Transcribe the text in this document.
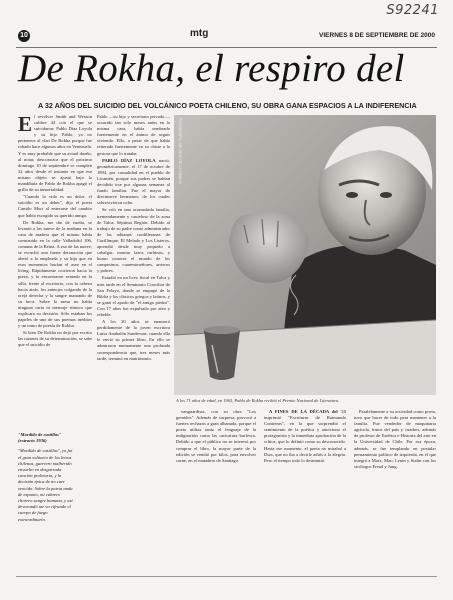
S92241
10	mtg	VIERNES 8 DE SEPTIEMBRE DE 2000
De Rokha, el respiro del
A 32 AÑOS DEL SUICIDIO DEL VOLCÁNICO POETA CHILENO, SU OBRA GANA ESPACIOS A LA INDIFERENCIA

El revólver Smith and Wesson calibre 44 con el que se suicidaron: Pablo Díaz Loyola y su hijo Pablo, ya no pertenece al clan De Rokha porque fue robado hace algunos años en Venezuela. Y es muy probable que su actual dueño, al notar, desconozca que el próximo domingo 10 de septiembre se cumplen 32 años desde el instante en que ese mismo objeto se ajustó bajo la mandíbula de Pablo de Rokha apagó el grillo de su inmortalidad.

"Cuando la vida es un dolor, el suicidio es un deber", dijo el poeta Camilo Mori al enterarse del cambio que había escogido su querido amigo.

De Rokha, me dio de vuelta, se levantó a las nueve de la mañana en la casa de madera que el mismo había construido en la calle Valladolid 106, comuna de la Reina. A eso de las nueve, se escuchó una fuerte detonación que alertó a la empleada y su hija que en esos momentos hacían el aseo en el living. Rápidamente corrieron hacia la pieza, y lo encontraron sentado en la silla, frente al escritorio, con la cabeza hacia atrás, los anteojos colgando de la oreja derecha y la sangre manando de su boca. Sobre la mesa no había ninguna carta ni mensaje rítmico que explicara su decisión. Sólo estaban los papeles de uno de sus poemas inéditos y un tomo de poesía de Rokha.

Si bien De Rokha no dejó por escrito las razones de su determinación, se sabe que el suicidio de

"Mordido de castillas" (extracto 1936)

"Mordido de castillas", yo fui el gran solitario de los letras chilenas, guerrero malherido envuelto en desgarrada canción proletaria, y la decisión épica de no caer vencido. Sobre la patria anda de espanto, mi cabrero chorreo sangre humana, y así devorando me va cifrando el cuerpo de fuego extraordinario.

Pablo —su hijo y secretario privado—, ocurrido tan solo meses antes en la misma casa, había sembrado fuertemente en el ánimo de seguir viviendo. Ello, a pesar de que había reiterado fuertemente en su chiste a la gestora que lo trataba.

PABLO DÍAZ LOYOLA nació, geométricamente, el 17 de octubre de 1894, por casualidad en el pueblo de Licantén, porque sus padres se habían decidido irse por algunas semanas al fundo familiar. Fue el mayor de diecinueve hermanos; de los cuales sobrevivieron ocho.

Se crió en una acomodada familia, tremendamente y cauteloso de la zona de Talca, Séptima Región. Debido al trabajo de su padre como administrador de las aduanas cordilleranas de Curillinque, El Melado y Los Lisieros, aprendió desde muy pequeño a cabalgar, montar lazos carbinos, y huaso conocer el mundo de los campesinos, cuarentoseñores, arrieros y pobres.

Estudió en un liceo fiscal en Talca y más tarde en el Seminario Conciliar de San Pelayo, donde se empapó de la Biblia y los clásicos griegos y latinos, y se ganó el apodo de "el amigo piedra". Con 17 años fue expulsado por ateo y rebelde.

A los 20 años se enamoró perdidamente de la joven escritora Luisa Anabalón Sanderson, cuando ella le envió su primer libro, En ello se admiraron mutuamente una profunda correspondencia que, tres meses más tarde, terminó en matrimonio.

FOTOGRAFÍA: ARCHIVO DE LA FAMILIA
A los 71 años de edad, en 1965, Pablo de Rokha recibió el Premio Nacional de Literatura.

vanguardista, con su obra "Los gemidos". Además de sorpresa, provocó a fuertes rechazos a gran albanada, porque el poeta utiliza tanto el lenguaje de la indignación como las caricatura burlesca. Debido a que el público no se interesó por comprar el libro, la mayor parte de la edición se vendió por kilos, para envolver carne, en el matadero de Santiago.

A FINES DE LA DÉCADA del '20 imprimió "Escrituras de Raimundo Contreras", en la que sorprendió el sentimiento de la poética y autóctono el protagonista y la inmediata aprobación de la crítica, que lo definió como su desconocido. Hasta ese momento, el poeta no mirabal a Dios, que no iba a decirle adiós a la alegría. Pero el tiempo todo lo desmintió.

Paralelamente a su actividad como poeta, tuvo que hacer de todo para mantener a la familia. Fue vendedor de maquinaria agrícola, frutos del país y cuadros, además de profesor de Estética e Historia del arte en la Universidad de Chile. Por esa época, además, se fue templando en postular pensamiento político de izquierda, en el que integró a Marx, Mao, Lenin y Stalin con los sicólogos Freud y Jung.
